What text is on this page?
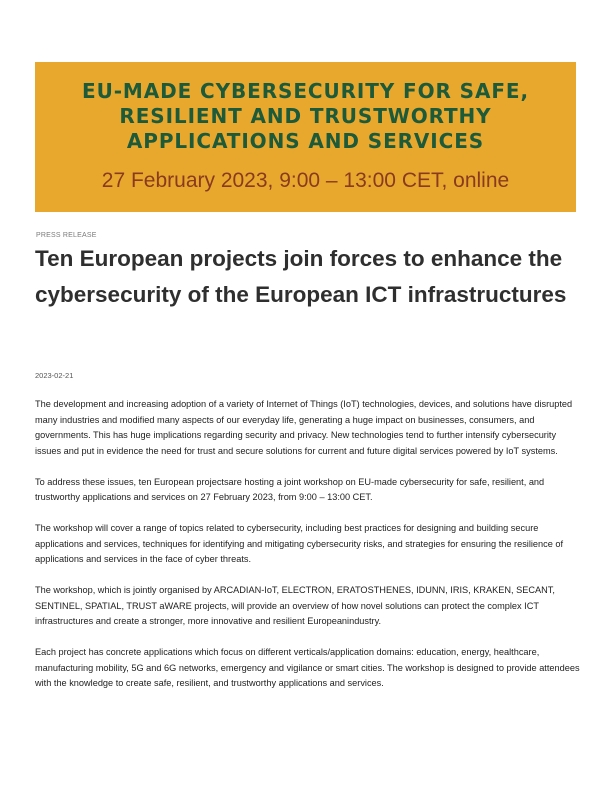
EU-MADE CYBERSECURITY FOR SAFE,
RESILIENT AND TRUSTWORTHY
APPLICATIONS AND SERVICES
27 February 2023, 9:00 – 13:00 CET, online
PRESS RELEASE
Ten European projects join forces to enhance the cybersecurity of the European ICT infrastructures
2023-02-21

The development and increasing adoption of a variety of Internet of Things (IoT) technologies, devices, and solutions have disrupted many industries and modified many aspects of our everyday life, generating a huge impact on businesses, consumers, and governments. This has huge implications regarding security and privacy. New technologies tend to further intensify cybersecurity issues and put in evidence the need for trust and secure solutions for current and future digital services powered by IoT systems.

To address these issues, ten European projectsare hosting a joint workshop on EU-made cybersecurity for safe, resilient, and trustworthy applications and services on 27 February 2023, from 9:00 – 13:00 CET.

The workshop will cover a range of topics related to cybersecurity, including best practices for designing and building secure applications and services, techniques for identifying and mitigating cybersecurity risks, and strategies for ensuring the resilience of applications and services in the face of cyber threats.

The workshop, which is jointly organised by ARCADIAN-IoT, ELECTRON, ERATOSTHENES, IDUNN, IRIS, KRAKEN, SECANT, SENTINEL, SPATIAL, TRUST aWARE projects, will provide an overview of how novel solutions can protect the complex ICT infrastructures and create a stronger, more innovative and resilient Europeanindustry.

Each project has concrete applications which focus on different verticals/application domains: education, energy, healthcare, manufacturing mobility, 5G and 6G networks, emergency and vigilance or smart cities. The workshop is designed to provide attendees with the knowledge to create safe, resilient, and trustworthy applications and services.
